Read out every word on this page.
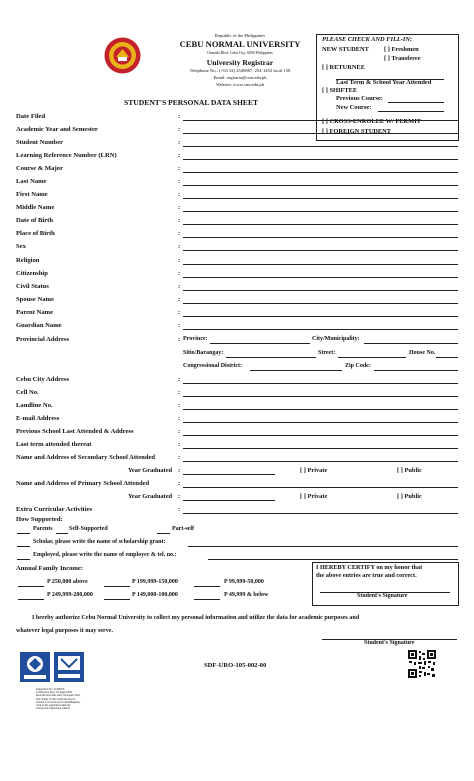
Republic of the Philippines
CEBU NORMAL UNIVERSITY
Osmeña Blvd. Cebu City, 6000 Philippines
University Registrar
Telephone No.: (+63 32) 2540807, 254-1452 local 158
Email: registrar@cnu.edu.ph
Website: www.cnu.edu.ph
PLEASE CHECK AND FILL-IN:
NEW STUDENT [ ] Freshmen
[ ] Transferee
[ ] RETURNEE
Last Term & School Year Attended
[ ] SHIFTEE
Previous Course:
New Course:
[ ] CROSS-ENROLEE W/ PERMIT
[ ] FOREIGN STUDENT
STUDENT'S PERSONAL DATA SHEET
Date Filed	:
Academic Year and Semester	:
Student Number	:
Learning Reference Number (LRN)	:
Course & Major	:
Last Name	:
First Name	:
Middle Name	:
Date of Birth	:
Place of Birth	:
Sex	:
Religion	:
Citizenship	:
Civil Status	:
Spouse Name	:
Parent Name	:
Guardian Name	:
Provincial Address	: Province:	City/Municipality:
Sitio/Barangay:	Street:	House No.
Congressional District:	Zip Code:
Cebu City Address	:
Cell No.	:
Landline No.	:
E-mail Address	:
Previous School Last Attended & Address	:
Last term attended thereat	:
Name and Address of Secondary School Attended	:
Year Graduated :	[ ] Private	[ ] Public
Name and Address of Primary School Attended	:
Year Graduated :	[ ] Private	[ ] Public
Extra Curricular Activities	:
How Supported:
Parents	Self-Supported	Part-self
Scholar, please write the name of scholarship grant:
Employed, please write the name of employer & tel. no.:
Annual Family Income:
P 250,000 above	P 199,999-150,000	P 99,999-50,000
P 249,999-200,000	P 149,000-100,000	P 49,999 & below
I HEREBY CERTIFY on my honor that
the above entries are true and correct.
Student's Signature
I hereby authorize Cebu Normal University to collect my personal information and utilize the data for academic purposes and
whatever legal purposes it may serve.
Student's Signature
Registration No: 44100976
Certification Date: 04 August 2021
Recertification Due Date: 04 August 2024
The validity of this certificate may be
verified at www.tuv-nord.com/philippines;
click on the registration authority
and type the registration number.
SDF-URO-105-002-00
